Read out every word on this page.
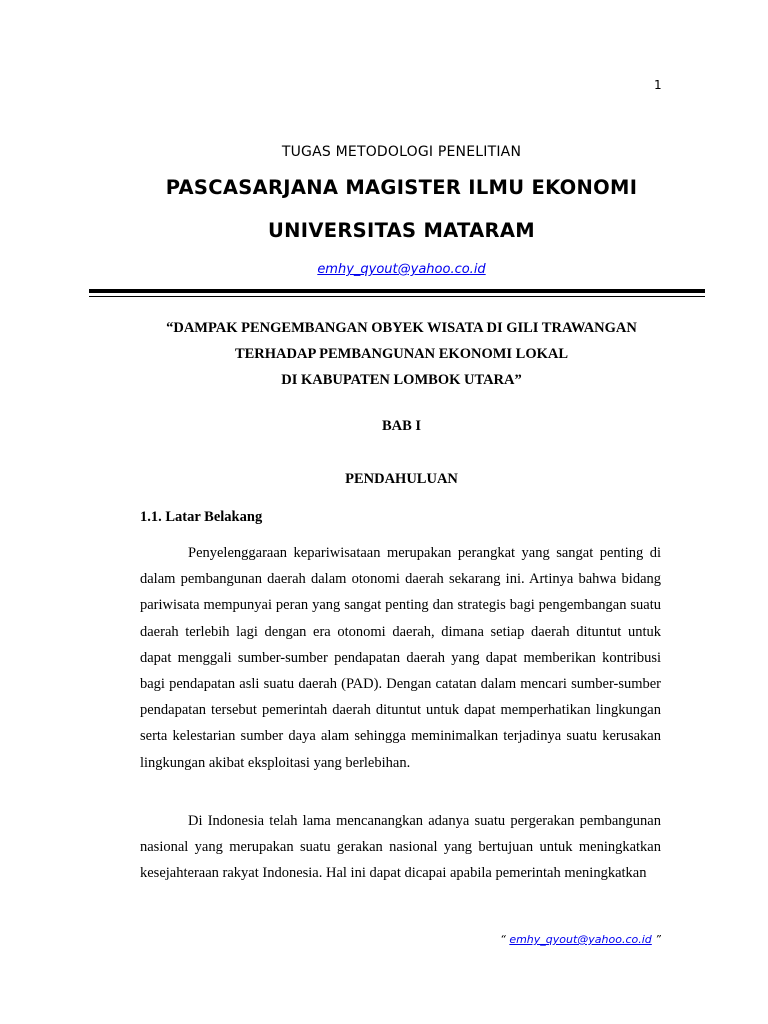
1
TUGAS METODOLOGI PENELITIAN
PASCASARJANA MAGISTER ILMU EKONOMI
UNIVERSITAS MATARAM
emhy_qyout@yahoo.co.id
“DAMPAK PENGEMBANGAN OBYEK WISATA DI GILI TRAWANGAN
TERHADAP PEMBANGUNAN EKONOMI LOKAL
DI KABUPATEN LOMBOK UTARA”
BAB I
PENDAHULUAN
1.1. Latar Belakang

Penyelenggaraan kepariwisataan merupakan perangkat yang sangat penting di dalam pembangunan daerah dalam otonomi daerah sekarang ini. Artinya bahwa bidang pariwisata mempunyai peran yang sangat penting dan strategis bagi pengembangan suatu daerah terlebih lagi dengan era otonomi daerah, dimana setiap daerah dituntut untuk dapat menggali sumber-sumber pendapatan daerah yang dapat memberikan kontribusi bagi pendapatan asli suatu daerah (PAD). Dengan catatan dalam mencari sumber-sumber pendapatan tersebut pemerintah daerah dituntut untuk dapat memperhatikan lingkungan serta kelestarian sumber daya alam sehingga meminimalkan terjadinya suatu kerusakan lingkungan akibat eksploitasi yang berlebihan.

Di Indonesia telah lama mencanangkan adanya suatu pergerakan pembangunan nasional yang merupakan suatu gerakan nasional yang bertujuan untuk meningkatkan kesejahteraan rakyat Indonesia. Hal ini dapat dicapai apabila pemerintah meningkatkan

“ emhy_qyout@yahoo.co.id ”
